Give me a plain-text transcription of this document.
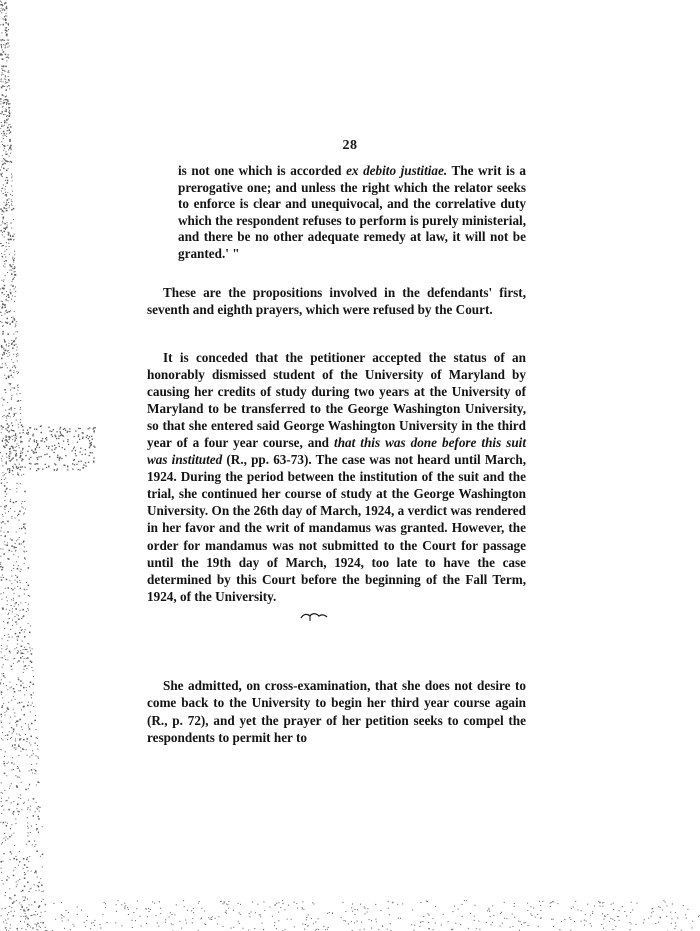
28

is not one which is accorded ex debito justitiae. The writ is a prerogative one; and unless the right which the relator seeks to enforce is clear and unequivocal, and the correlative duty which the respondent refuses to perform is purely ministerial, and there be no other adequate remedy at law, it will not be granted.' "

These are the propositions involved in the defendants' first, seventh and eighth prayers, which were refused by the Court.

It is conceded that the petitioner accepted the status of an honorably dismissed student of the University of Maryland by causing her credits of study during two years at the University of Maryland to be transferred to the George Washington University, so that she entered said George Washington University in the third year of a four year course, and that this was done before this suit was instituted (R., pp. 63-73). The case was not heard until March, 1924. During the period between the institution of the suit and the trial, she continued her course of study at the George Washington University. On the 26th day of March, 1924, a verdict was rendered in her favor and the writ of mandamus was granted. However, the order for mandamus was not submitted to the Court for passage until the 19th day of March, 1924, too late to have the case determined by this Court before the beginning of the Fall Term, 1924, of the University.

She admitted, on cross-examination, that she does not desire to come back to the University to begin her third year course again (R., p. 72), and yet the prayer of her petition seeks to compel the respondents to permit her to
